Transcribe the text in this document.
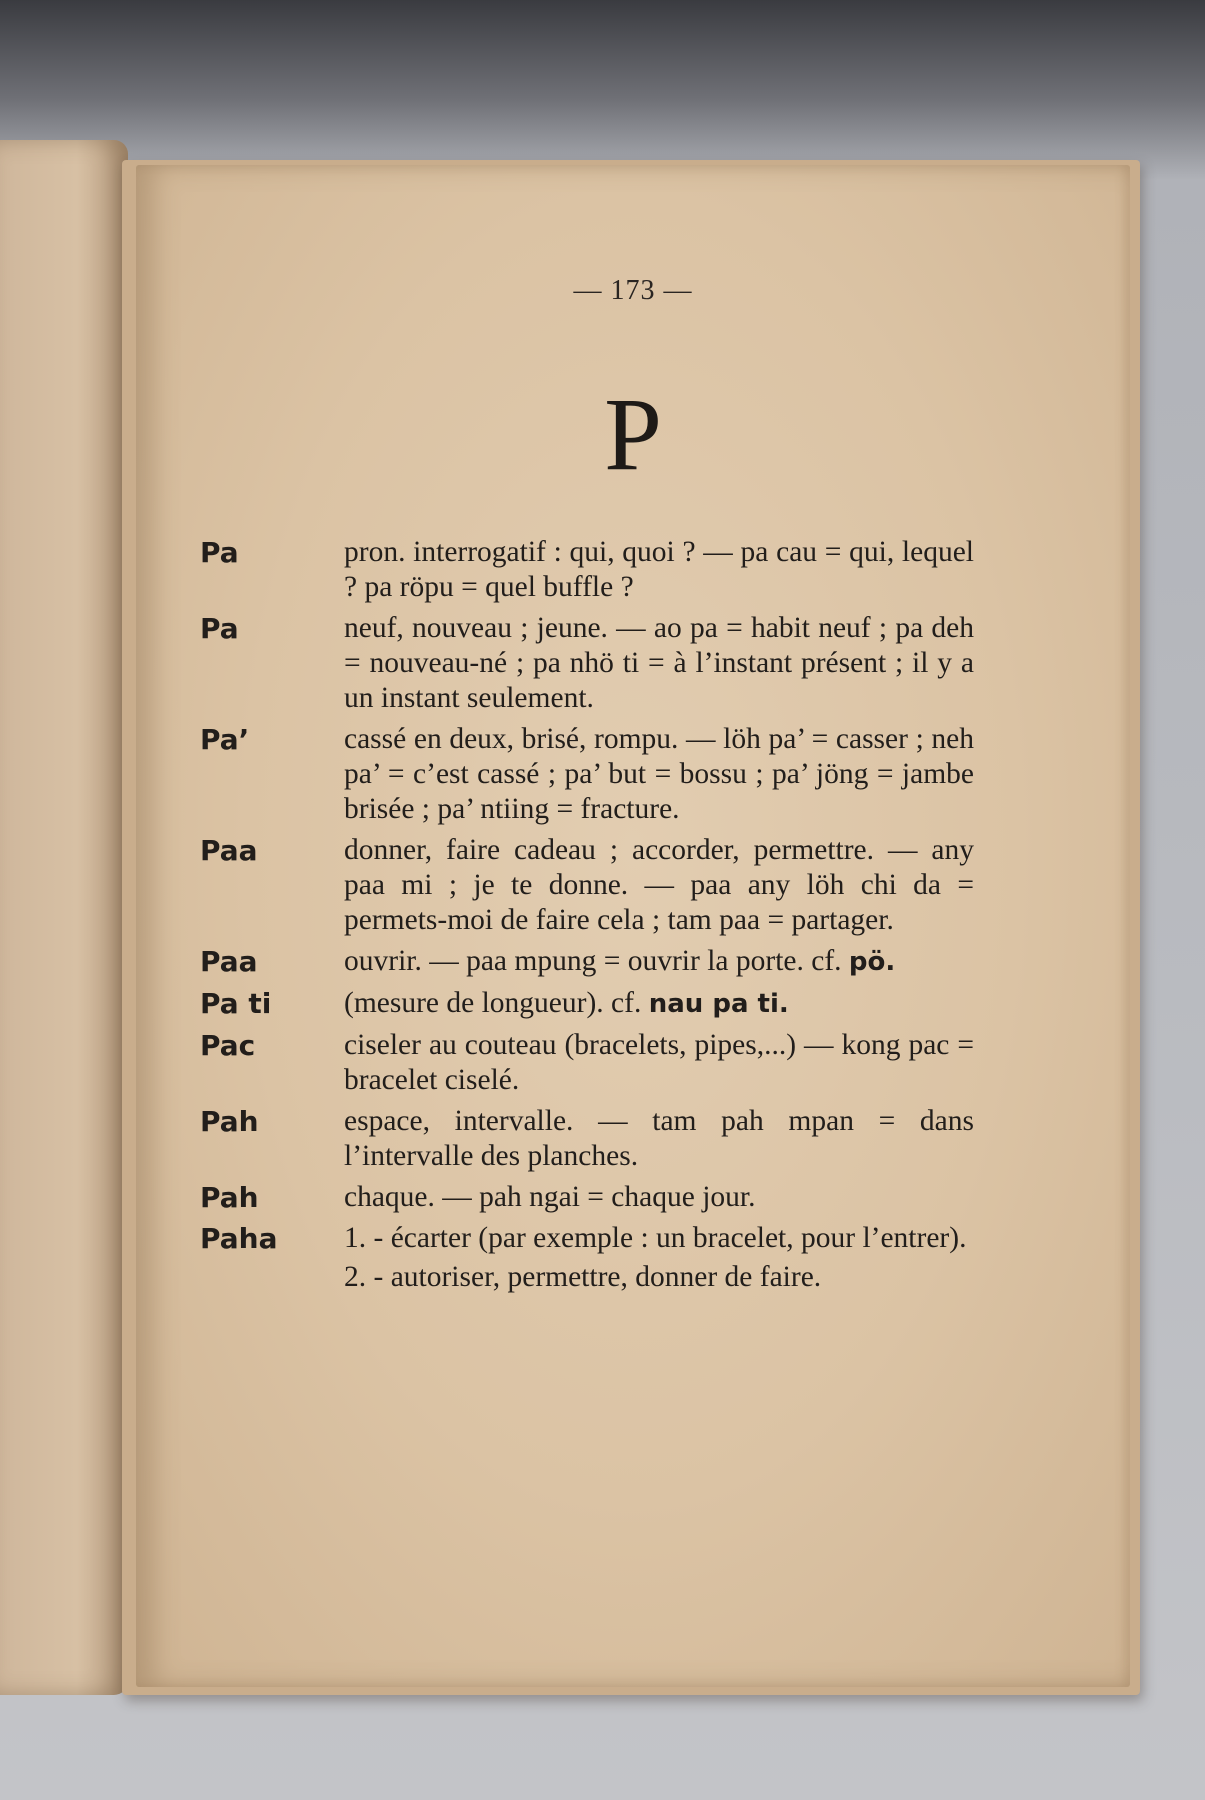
— 173 —
P
Pa	pron. interrogatif : qui, quoi ? — pa cau = qui, lequel ? pa röpu = quel buffle ?
Pa	neuf, nouveau ; jeune. — ao pa = habit neuf ; pa deh = nouveau-né ; pa nhö ti = à l’instant présent ; il y a un instant seulement.
Pa’	cassé en deux, brisé, rompu. — löh pa’ = casser ; neh pa’ = c’est cassé ; pa’ but = bossu ; pa’ jöng = jambe brisée ; pa’ ntiing = fracture.
Paa	donner, faire cadeau ; accorder, permettre. — any paa mi ; je te donne. — paa any löh chi da = permets-moi de faire cela ; tam paa = partager.
Paa	ouvrir. — paa mpung = ouvrir la porte. cf. pö.
Pa ti	(mesure de longueur). cf. nau pa ti.
Pac	ciseler au couteau (bracelets, pipes,...) — kong pac = bracelet ciselé.
Pah	espace, intervalle. — tam pah mpan = dans l’intervalle des planches.
Pah	chaque. — pah ngai = chaque jour.
Paha	1. - écarter (par exemple : un bracelet, pour l’entrer).
2. - autoriser, permettre, donner de faire.
